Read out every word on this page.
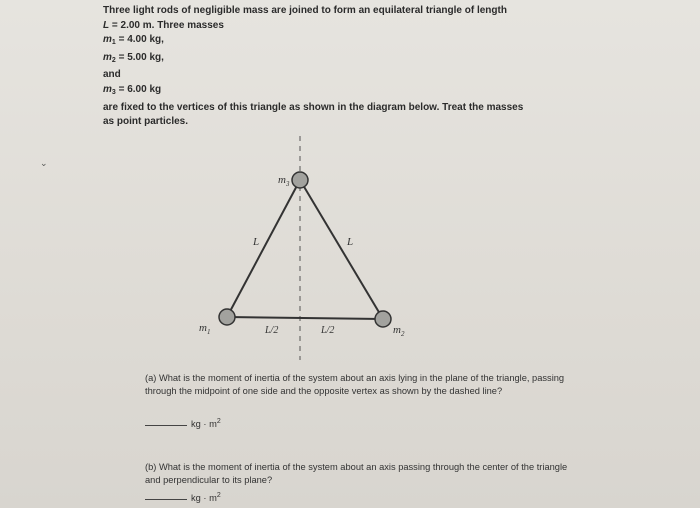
Three light rods of negligible mass are joined to form an equilateral triangle of length
L = 2.00 m. Three masses
$m_1 = 4.00$ kg,
$m_2 = 5.00$ kg,
and
$m_3 = 6.00$ kg
are fixed to the vertices of this triangle as shown in the diagram below. Treat the masses
as point particles.
⌄
$m_3$
$m_1$	$m_2$
L	L
L/2	L/2
(a) What is the moment of inertia of the system about an axis lying in the plane of the triangle, passing through the midpoint of one side and the opposite vertex as shown by the dashed line?
kg · $m^2$
(b) What is the moment of inertia of the system about an axis passing through the center of the triangle and perpendicular to its plane?
kg · $m^2$
